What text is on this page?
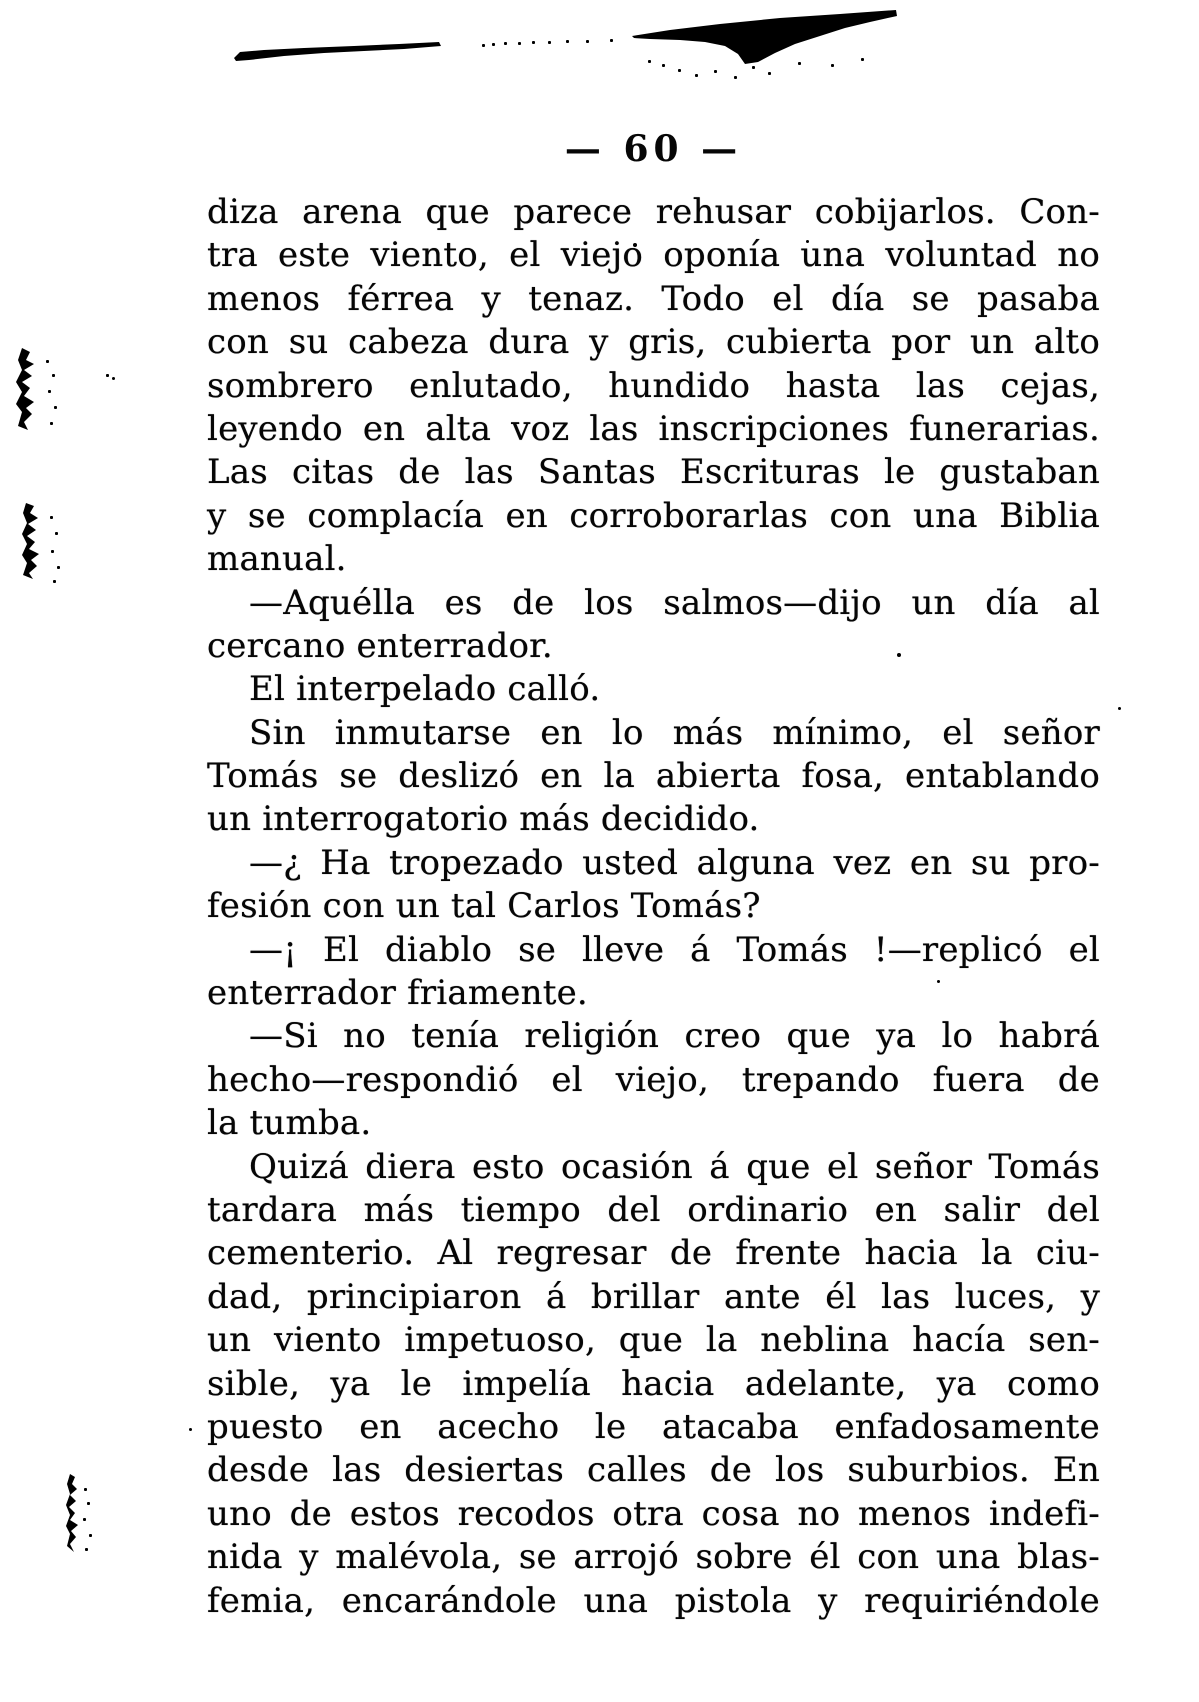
— 60 —
diza arena que parece rehusar cobijarlos. Con-
tra este viento, el viejo oponía una voluntad no
menos férrea y tenaz. Todo el día se pasaba
con su cabeza dura y gris, cubierta por un alto
sombrero enlutado, hundido hasta las cejas,
leyendo en alta voz las inscripciones funerarias.
Las citas de las Santas Escrituras le gustaban
y se complacía en corroborarlas con una Biblia
manual.
—Aquélla es de los salmos—dijo un día al
cercano enterrador.
El interpelado calló.
Sin inmutarse en lo más mínimo, el señor
Tomás se deslizó en la abierta fosa, entablando
un interrogatorio más decidido.
—¿ Ha tropezado usted alguna vez en su pro-
fesión con un tal Carlos Tomás?
—¡ El diablo se lleve á Tomás !—replicó el
enterrador friamente.
—Si no tenía religión creo que ya lo habrá
hecho—respondió el viejo, trepando fuera de
la tumba.
Quizá diera esto ocasión á que el señor Tomás
tardara más tiempo del ordinario en salir del
cementerio. Al regresar de frente hacia la ciu-
dad, principiaron á brillar ante él las luces, y
un viento impetuoso, que la neblina hacía sen-
sible, ya le impelía hacia adelante, ya como
puesto en acecho le atacaba enfadosamente
desde las desiertas calles de los suburbios. En
uno de estos recodos otra cosa no menos indefi-
nida y malévola, se arrojó sobre él con una blas-
femia, encarándole una pistola y requiriéndole
